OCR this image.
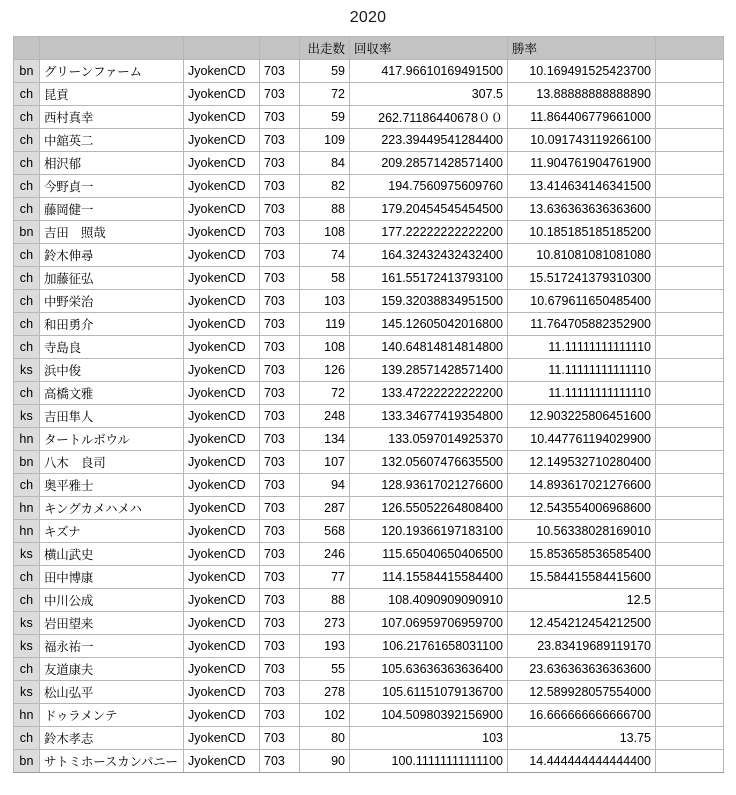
2020
				出走数	回収率	勝率	
bn	グリーンファーム	JyokenCD	703	59	417.96610169491500	10.169491525423700	
ch	昆貢	JyokenCD	703	72	307.5	13.88888888888890	
ch	西村真幸	JyokenCD	703	59	262.71186440678００	11.864406779661000	
ch	中舘英二	JyokenCD	703	109	223.39449541284400	10.091743119266100	
ch	相沢郁	JyokenCD	703	84	209.28571428571400	11.904761904761900	
ch	今野貞一	JyokenCD	703	82	194.7560975609760	13.414634146341500	
ch	藤岡健一	JyokenCD	703	88	179.20454545454500	13.636363636363600	
bn	吉田　照哉	JyokenCD	703	108	177.22222222222200	10.185185185185200	
ch	鈴木伸尋	JyokenCD	703	74	164.32432432432400	10.81081081081080	
ch	加藤征弘	JyokenCD	703	58	161.55172413793100	15.517241379310300	
ch	中野栄治	JyokenCD	703	103	159.32038834951500	10.679611650485400	
ch	和田勇介	JyokenCD	703	119	145.12605042016800	11.764705882352900	
ch	寺島良	JyokenCD	703	108	140.64814814814800	11.11111111111110	
ks	浜中俊	JyokenCD	703	126	139.28571428571400	11.11111111111110	
ch	高橋文雅	JyokenCD	703	72	133.47222222222200	11.11111111111110	
ks	吉田隼人	JyokenCD	703	248	133.34677419354800	12.903225806451600	
hn	タートルボウル	JyokenCD	703	134	133.0597014925370	10.447761194029900	
bn	八木　良司	JyokenCD	703	107	132.05607476635500	12.149532710280400	
ch	奥平雅士	JyokenCD	703	94	128.93617021276600	14.893617021276600	
hn	キングカメハメハ	JyokenCD	703	287	126.55052264808400	12.543554006968600	
hn	キズナ	JyokenCD	703	568	120.19366197183100	10.56338028169010	
ks	横山武史	JyokenCD	703	246	115.65040650406500	15.853658536585400	
ch	田中博康	JyokenCD	703	77	114.15584415584400	15.584415584415600	
ch	中川公成	JyokenCD	703	88	108.4090909090910	12.5	
ks	岩田望来	JyokenCD	703	273	107.06959706959700	12.454212454212500	
ks	福永祐一	JyokenCD	703	193	106.21761658031100	23.83419689119170	
ch	友道康夫	JyokenCD	703	55	105.63636363636400	23.636363636363600	
ks	松山弘平	JyokenCD	703	278	105.61151079136700	12.589928057554000	
hn	ドゥラメンテ	JyokenCD	703	102	104.50980392156900	16.666666666666700	
ch	鈴木孝志	JyokenCD	703	80	103	13.75	
bn	サトミホースカンパニー	JyokenCD	703	90	100.11111111111100	14.444444444444400	
